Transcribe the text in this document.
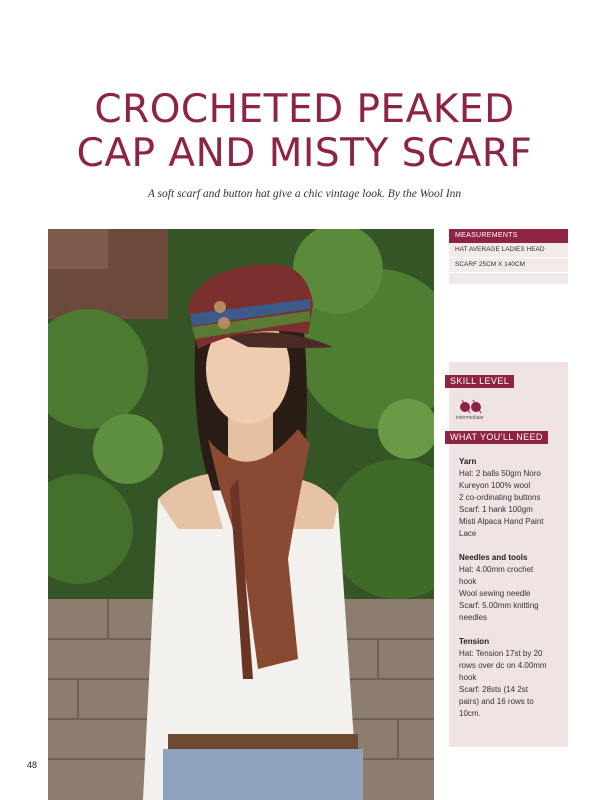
CROCHETED PEAKED
CAP AND MISTY SCARF
A soft scarf and button hat give a chic vintage look. By the Wool Inn
MEASUREMENTS
HAT AVERAGE LADIES HEAD
SCARF 25CM X 140CM
SKILL LEVEL
intermediate
WHAT YOU'LL NEED

Yarn

Hat: 2 balls 50gm Noro

Kureyon 100% wool

2 co-ordinating buttons

Scarf: 1 hank 100gm

Misti Alpaca Hand Paint

Lace

Needles and tools

Hat: 4.00mm crochet

hook

Wool sewing needle

Scarf: 5.00mm knitting

needles

Tension

Hat: Tension 17st by 20

rows over dc on 4.00mm

hook

Scarf: 28sts (14 2st

pairs) and 16 rows to

10cm.

48
PassionForum.ru
